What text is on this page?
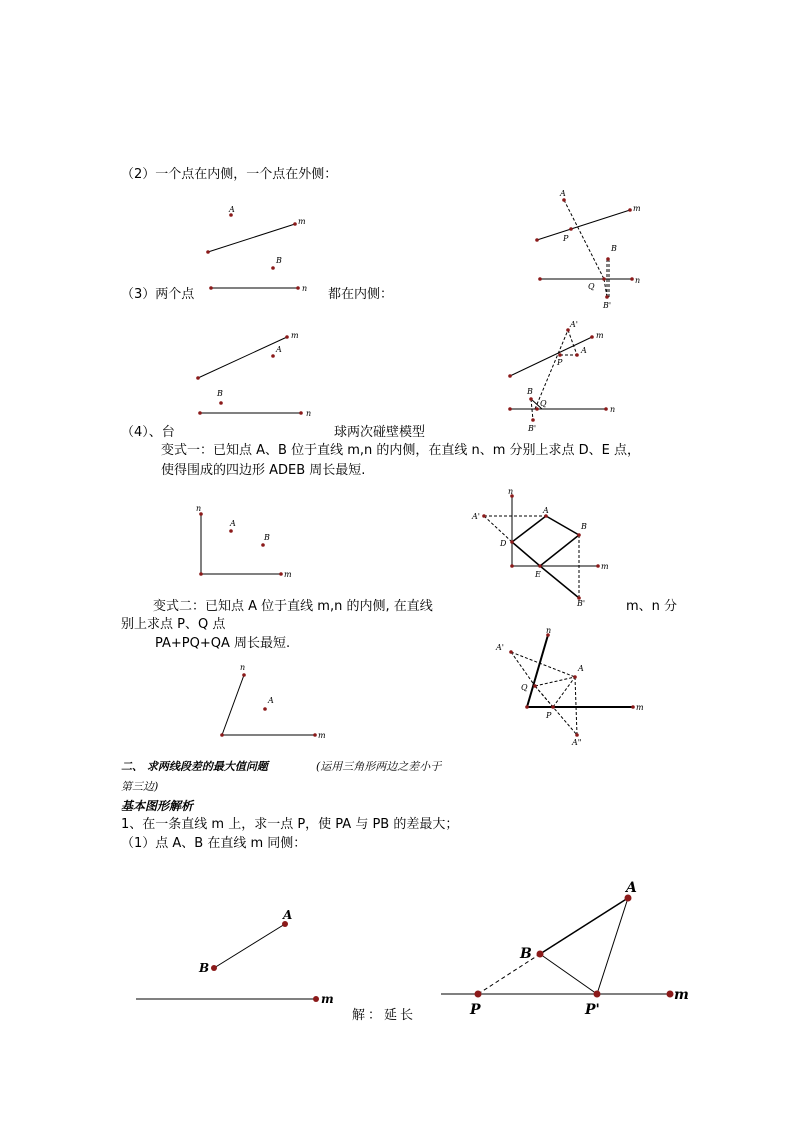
（2）一个点在内侧，一个点在外侧：
（3）两个点	都在内侧：
（4）、台	球两次碰壁模型
变式一：已知点 A、B 位于直线 m,n 的内侧，在直线 n、m 分别上求点 D、E 点，
使得围成的四边形 ADEB 周长最短.
变式二：已知点 A 位于直线 m,n 的内侧, 在直线	m、n 分
别上求点 P、Q 点
PA+PQ+QA 周长最短.
二、 求两线段差的最大值问题	(运用三角形两边之差小于
第三边)
基本图形解析
1、在一条直线 m 上，求一点 P，使 PA 与 PB 的差最大；
（1）点 A、B 在直线 m 同侧：
解：延长
A
m
B
A
m
P
B
Q
n
B'
n
m
A
B
n
A'
m
A
P
B
Q
n
B'
n
A
B
m
n
A'
A
B
D
E
m
B'
n
A
m
n
A'
A
Q
P
m
A"
A
B
m
A
B
P	P'
m
